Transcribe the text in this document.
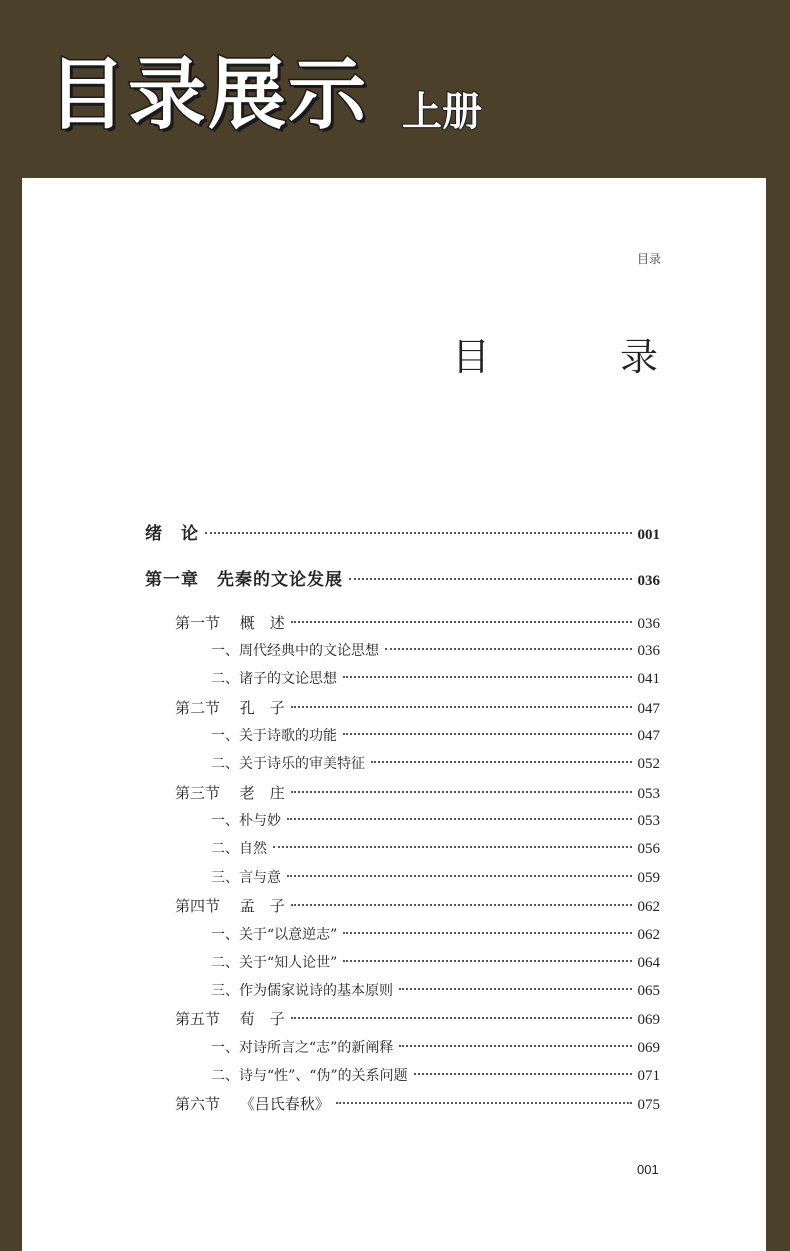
目录展示 上册
目录
目　录
绪　论	001
第一章　先秦的文论发展	036
第一节　 概　述	036
一、周代经典中的文论思想	036
二、诸子的文论思想	041
第二节　 孔　子	047
一、关于诗歌的功能	047
二、关于诗乐的审美特征	052
第三节　 老　庄	053
一、朴与妙	053
二、自然	056
三、言与意	059
第四节　 孟　子	062
一、关于“以意逆志”	062
二、关于“知人论世”	064
三、作为儒家说诗的基本原则	065
第五节　 荀　子	069
一、对诗所言之“志”的新阐释	069
二、诗与“性”、“伪”的关系问题	071
第六节　 《吕氏春秋》	075
001
